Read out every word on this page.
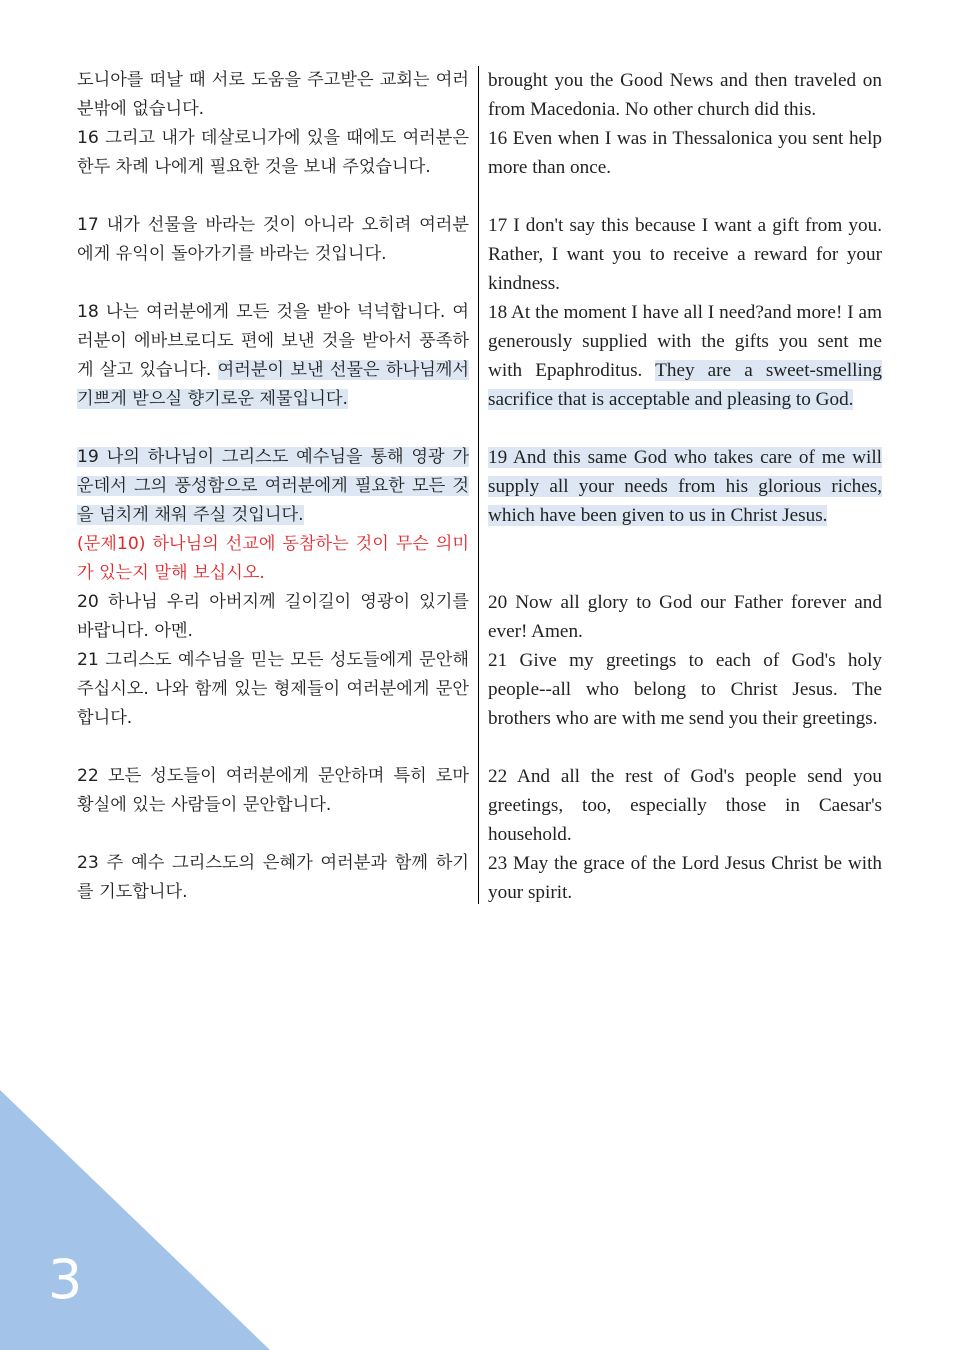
도니아를 떠날 때 서로 도움을 주고받은 교회는 여러분밖에 없습니다.
16 그리고 내가 데살로니가에 있을 때에도 여러분은 한두 차례 나에게 필요한 것을 보내 주었습니다.
17 내가 선물을 바라는 것이 아니라 오히려 여러분에게 유익이 돌아가기를 바라는 것입니다.
18 나는 여러분에게 모든 것을 받아 넉넉합니다. 여러분이 에바브로디도 편에 보낸 것을 받아서 풍족하게 살고 있습니다. 여러분이 보낸 선물은 하나님께서 기쁘게 받으실 향기로운 제물입니다.
19 나의 하나님이 그리스도 예수님을 통해 영광 가운데서 그의 풍성함으로 여러분에게 필요한 모든 것을 넘치게 채워 주실 것입니다.
(문제10) 하나님의 선교에 동참하는 것이 무슨 의미가 있는지 말해 보십시오.
20 하나님 우리 아버지께 길이길이 영광이 있기를 바랍니다. 아멘.
21 그리스도 예수님을 믿는 모든 성도들에게 문안해 주십시오. 나와 함께 있는 형제들이 여러분에게 문안합니다.
22 모든 성도들이 여러분에게 문안하며 특히 로마 황실에 있는 사람들이 문안합니다.
23 주 예수 그리스도의 은혜가 여러분과 함께 하기를 기도합니다.
brought you the Good News and then traveled on from Macedonia. No other church did this.
16 Even when I was in Thessalonica you sent help more than once.
17 I don't say this because I want a gift from you. Rather, I want you to receive a reward for your kindness.
18 At the moment I have all I need?and more! I am generously supplied with the gifts you sent me with Epaphroditus. They are a sweet-smelling sacrifice that is acceptable and pleasing to God.
19 And this same God who takes care of me will supply all your needs from his glorious riches, which have been given to us in Christ Jesus.
20 Now all glory to God our Father forever and ever! Amen.
21 Give my greetings to each of God's holy people--all who belong to Christ Jesus. The brothers who are with me send you their greetings.
22 And all the rest of God's people send you greetings, too, especially those in Caesar's household.
23 May the grace of the Lord Jesus Christ be with your spirit.
3
